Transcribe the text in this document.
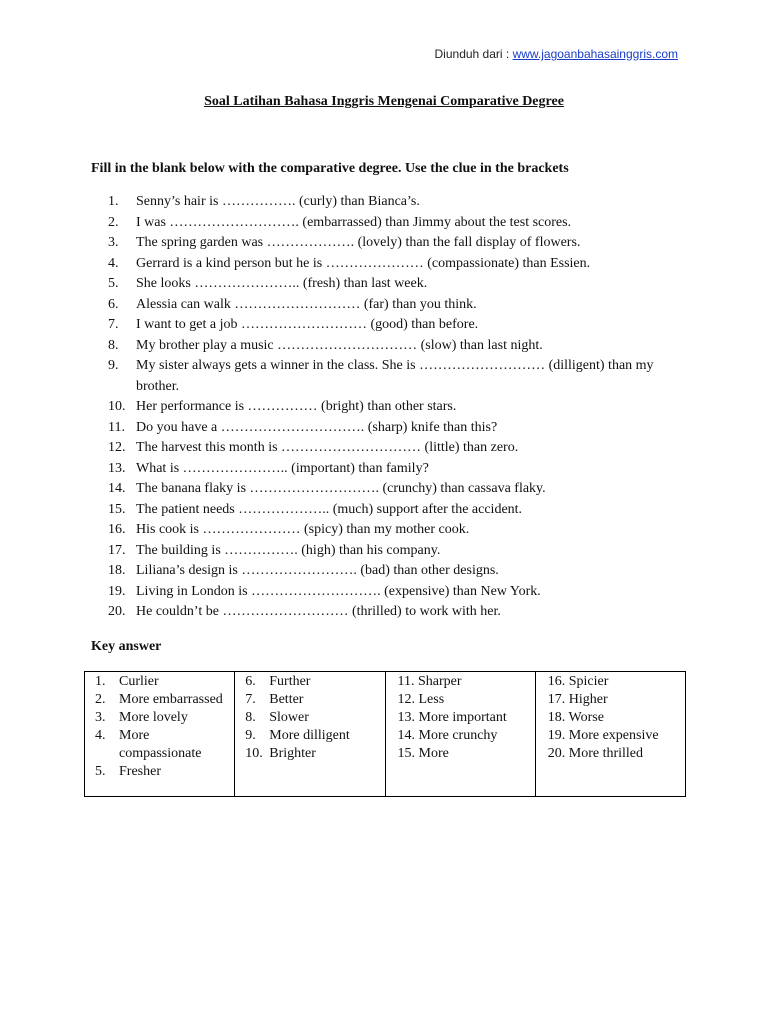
Diunduh dari : www.jagoanbahasainggris.com
Soal Latihan Bahasa Inggris Mengenai Comparative Degree
Fill in the blank below with the comparative degree. Use the clue in the brackets
1.	Senny’s hair is ……………. (curly) than Bianca’s.
2.	I was ………………………. (embarrassed) than Jimmy about the test scores.
3.	The spring garden was ………………. (lovely) than the fall display of flowers.
4.	Gerrard is a kind person but he is ………………… (compassionate) than Essien.
5.	She looks ………………….. (fresh) than last week.
6.	Alessia can walk ……………………… (far) than you think.
7.	I want to get a job ……………………… (good) than before.
8.	My brother play a music ………………………… (slow) than last night.
9.	My sister always gets a winner in the class. She is ……………………… (dilligent) than my brother.
10. Her performance is …………… (bright) than other stars.
11. Do you have a …………………………. (sharp) knife than this?
12. The harvest this month is ………………………… (little) than zero.
13. What is ………………….. (important) than family?
14. The banana flaky is ………………………. (crunchy) than cassava flaky.
15. The patient needs ……………….. (much) support after the accident.
16. His cook is ………………… (spicy) than my mother cook.
17. The building is ……………. (high) than his company.
18. Liliana’s design is ……………………. (bad) than other designs.
19. Living in London is ………………………. (expensive) than New York.
20. He couldn’t be ……………………… (thrilled) to work with her.
Key answer
1. Curlier
2. More embarrassed
3. More lovely
4. More compassionate
5. Fresher

6. Further
7. Better
8. Slower
9. More dilligent
10. Brighter

11. Sharper
12. Less
13. More important
14. More crunchy
15. More

16. Spicier
17. Higher
18. Worse
19. More expensive
20. More thrilled
